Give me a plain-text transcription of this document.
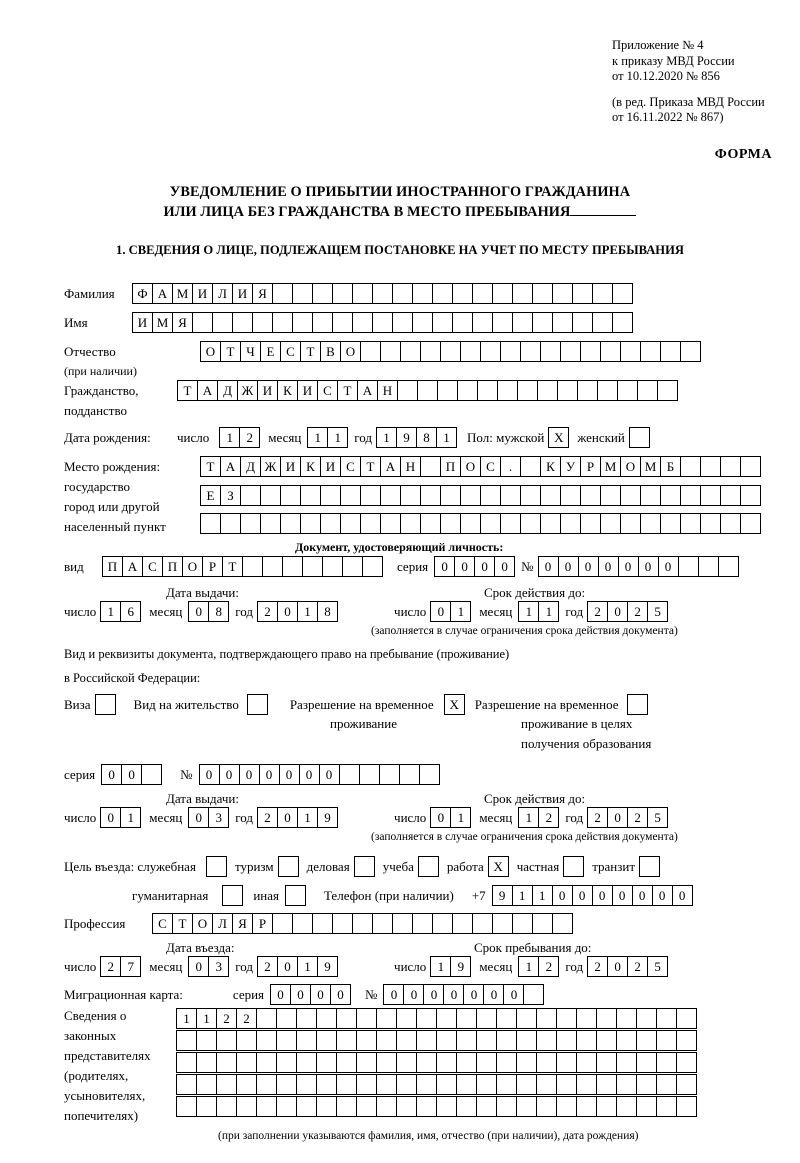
Приложение № 4
к приказу МВД России
от 10.12.2020 № 856
(в ред. Приказа МВД России
от 16.11.2022 № 867)
ФОРМА
УВЕДОМЛЕНИЕ О ПРИБЫТИИ ИНОСТРАННОГО ГРАЖДАНИНА
ИЛИ ЛИЦА БЕЗ ГРАЖДАНСТВА В МЕСТО ПРЕБЫВАНИЯ
1. СВЕДЕНИЯ О ЛИЦЕ, ПОДЛЕЖАЩЕМ ПОСТАНОВКЕ НА УЧЕТ ПО МЕСТУ ПРЕБЫВАНИЯ
Фамилия	Ф А М И Л И Я
Имя	И М Я
Отчество	О Т Ч Е С Т В О
(при наличии)
Гражданство,	Т А Д Ж И К И С Т А Н
подданство
Дата рождения:	число	1	2	месяц	1	1	год 1	9	8	1	Пол: мужской X	женский
Место рождения:	Т А Д Ж И К И С Т А Н	П О С	.	К У Р М О М Б
государство
Е З
город или другой
населенный пункт
Документ, удостоверяющий личность:
вид	П А С П О Р Т	серия	0	0	0	0	№ 0	0	0	0	0	0	0
Дата выдачи:	Срок действия до:
число 1	6	месяц	0	8	год 2	0	1	8	число 0	1	месяц	1	1	год 2	0	2	5
(заполняется в случае ограничения срока действия документа)
Вид и реквизиты документа, подтверждающего право на пребывание (проживание)
в Российской Федерации:
Виза	Вид на жительство	Разрешение на временное	X	Разрешение на временное
проживание	проживание в целях
получения образования
серия	0	0	№	0	0	0	0	0	0	0
Дата выдачи:	Срок действия до:
число 0	1	месяц	0	3	год 2	0	1	9	число 0	1	месяц	1	2	год 2	0	2	5
(заполняется в случае ограничения срока действия документа)
Цель въезда: служебная	туризм	деловая	учеба	работа X	частная	транзит
гуманитарная	иная	Телефон (при наличии) +7	9	1	1	0	0	0	0	0	0	0
Профессия	С Т О Л Я Р
Дата въезда:	Срок пребывания до:
число 2	7	месяц	0	3	год 2	0	1	9	число 1	9	месяц	1	2	год 2	0	2	5
Миграционная карта:	серия	0	0	0	0	№	0	0	0	0	0	0	0
Сведения о
законных
представителях
(родителях,
усыновителях,
попечителях)
1	1	2	2
(при заполнении указываются фамилия, имя, отчество (при наличии), дата рождения)
